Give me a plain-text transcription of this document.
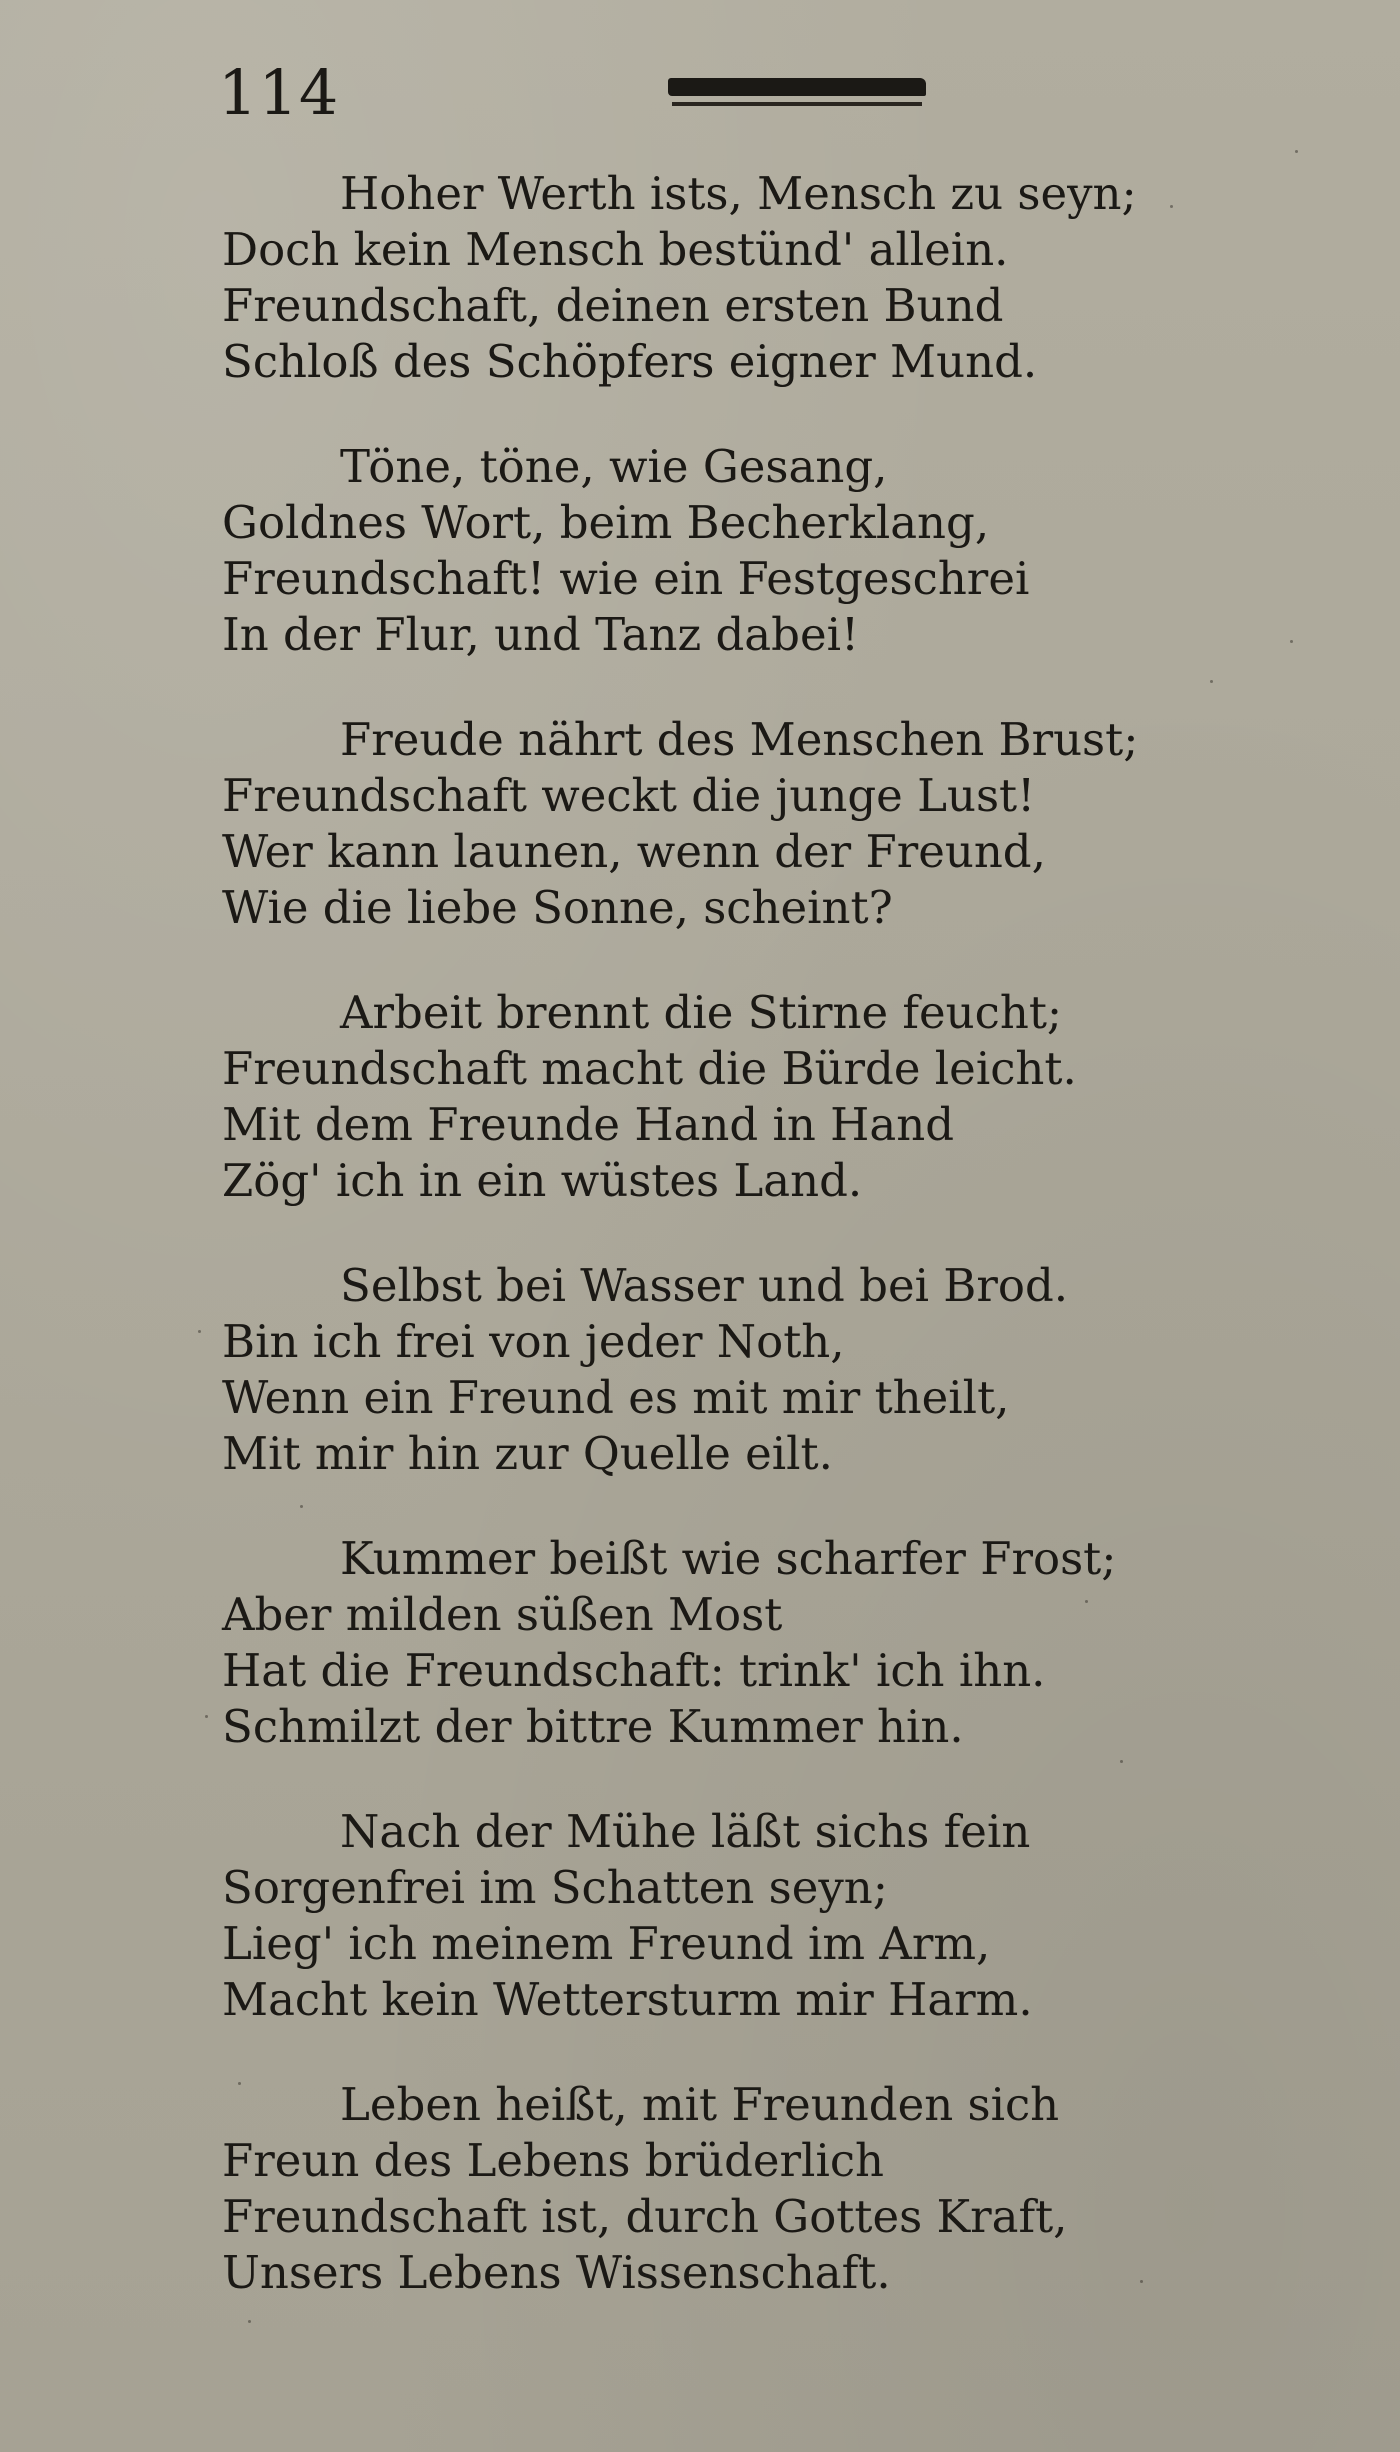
114
Hoher Werth ists, Mensch zu seyn;
Doch kein Mensch bestünd' allein.
Freundschaft, deinen ersten Bund
Schloß des Schöpfers eigner Mund.
Töne, töne, wie Gesang,
Goldnes Wort, beim Becherklang,
Freundschaft! wie ein Festgeschrei
In der Flur, und Tanz dabei!
Freude nährt des Menschen Brust;
Freundschaft weckt die junge Lust!
Wer kann launen, wenn der Freund,
Wie die liebe Sonne, scheint?
Arbeit brennt die Stirne feucht;
Freundschaft macht die Bürde leicht.
Mit dem Freunde Hand in Hand
Zög' ich in ein wüstes Land.
Selbst bei Wasser und bei Brod.
Bin ich frei von jeder Noth,
Wenn ein Freund es mit mir theilt,
Mit mir hin zur Quelle eilt.
Kummer beißt wie scharfer Frost;
Aber milden süßen Most
Hat die Freundschaft: trink' ich ihn.
Schmilzt der bittre Kummer hin.
Nach der Mühe läßt sichs fein
Sorgenfrei im Schatten seyn;
Lieg' ich meinem Freund im Arm,
Macht kein Wettersturm mir Harm.
Leben heißt, mit Freunden sich
Freun des Lebens brüderlich
Freundschaft ist, durch Gottes Kraft,
Unsers Lebens Wissenschaft.
